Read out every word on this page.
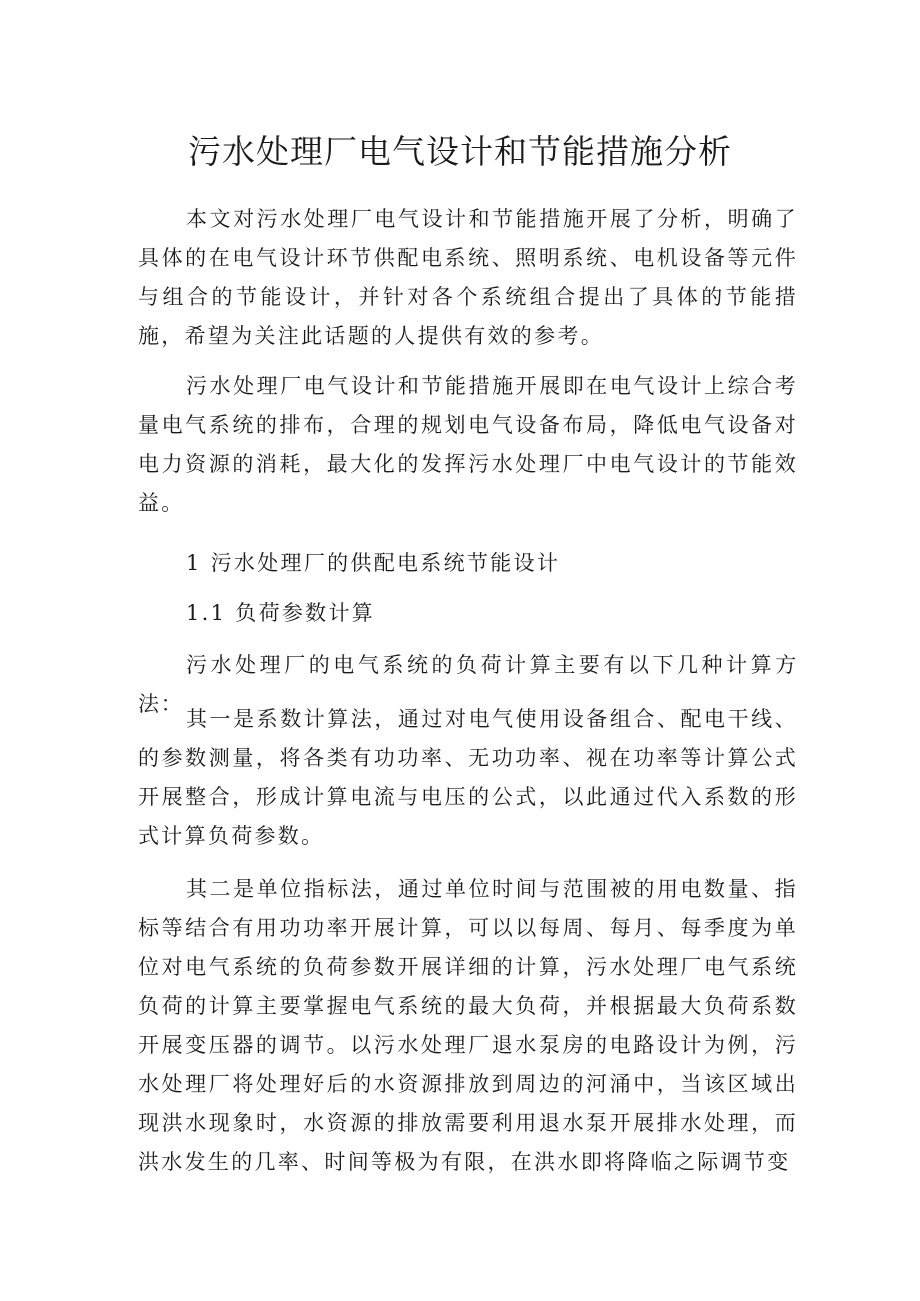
污水处理厂电气设计和节能措施分析

本文对污水处理厂电气设计和节能措施开展了分析，明确了具体的在电气设计环节供配电系统、照明系统、电机设备等元件与组合的节能设计，并针对各个系统组合提出了具体的节能措施，希望为关注此话题的人提供有效的参考。

污水处理厂电气设计和节能措施开展即在电气设计上综合考量电气系统的排布，合理的规划电气设备布局，降低电气设备对电力资源的消耗，最大化的发挥污水处理厂中电气设计的节能效益。

1 污水处理厂的供配电系统节能设计

1.1 负荷参数计算

污水处理厂的电气系统的负荷计算主要有以下几种计算方法：

其一是系数计算法，通过对电气使用设备组合、配电干线、的参数测量，将各类有功功率、无功功率、视在功率等计算公式开展整合，形成计算电流与电压的公式，以此通过代入系数的形式计算负荷参数。

其二是单位指标法，通过单位时间与范围被的用电数量、指标等结合有用功功率开展计算，可以以每周、每月、每季度为单位对电气系统的负荷参数开展详细的计算，污水处理厂电气系统负荷的计算主要掌握电气系统的最大负荷，并根据最大负荷系数开展变压器的调节。以污水处理厂退水泵房的电路设计为例，污水处理厂将处理好后的水资源排放到周边的河涌中，当该区域出现洪水现象时，水资源的排放需要利用退水泵开展排水处理，而洪水发生的几率、时间等极为有限，在洪水即将降临之际调节变
